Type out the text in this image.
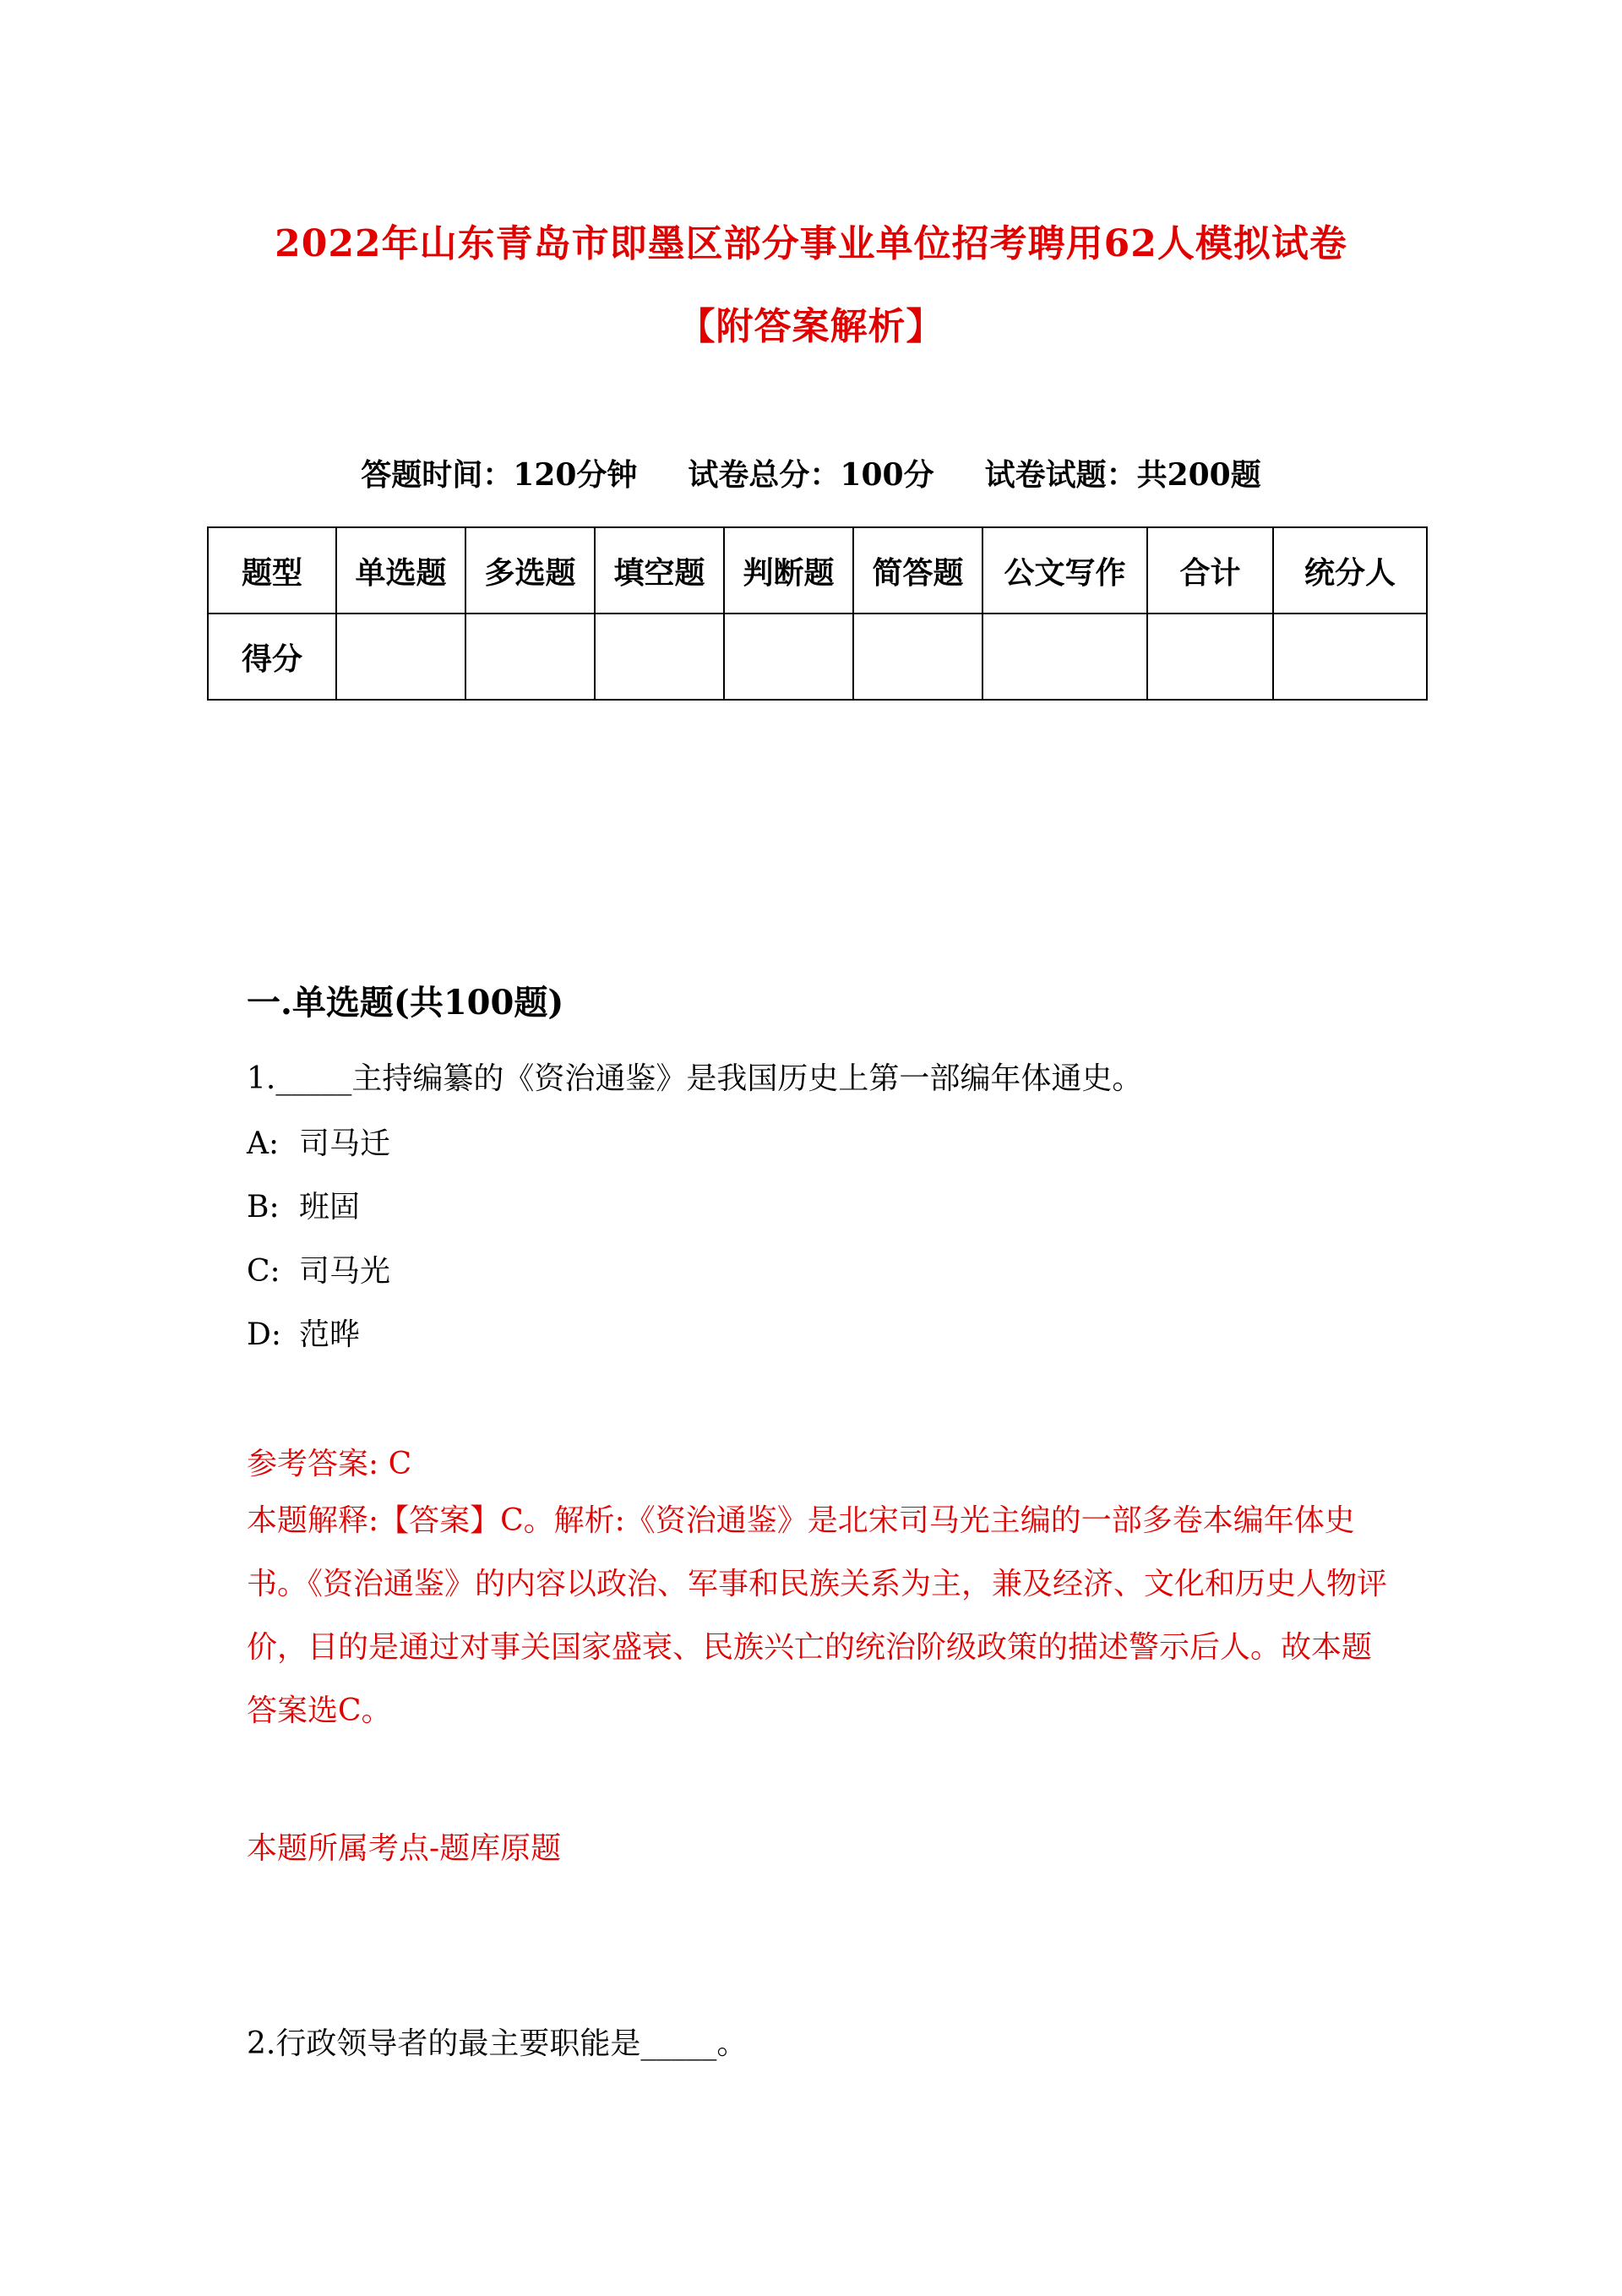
2022年山东青岛市即墨区部分事业单位招考聘用62人模拟试卷
【附答案解析】
答题时间：120分钟 试卷总分：100分 试卷试题：共200题
题型	单选题	多选题	填空题	判断题	简答题	公文写作	合计	统分人
得分								
一.单选题(共100题)
1._____主持编纂的《资治通鉴》是我国历史上第一部编年体通史。
A: 司马迁
B: 班固
C: 司马光
D: 范晔
参考答案: C
本题解释:【答案】C。解析:《资治通鉴》是北宋司马光主编的一部多卷本编年体史书。《资治通鉴》的内容以政治、军事和民族关系为主，兼及经济、文化和历史人物评价，目的是通过对事关国家盛衰、民族兴亡的统治阶级政策的描述警示后人。故本题答案选C。
本题所属考点-题库原题
2.行政领导者的最主要职能是_____。
